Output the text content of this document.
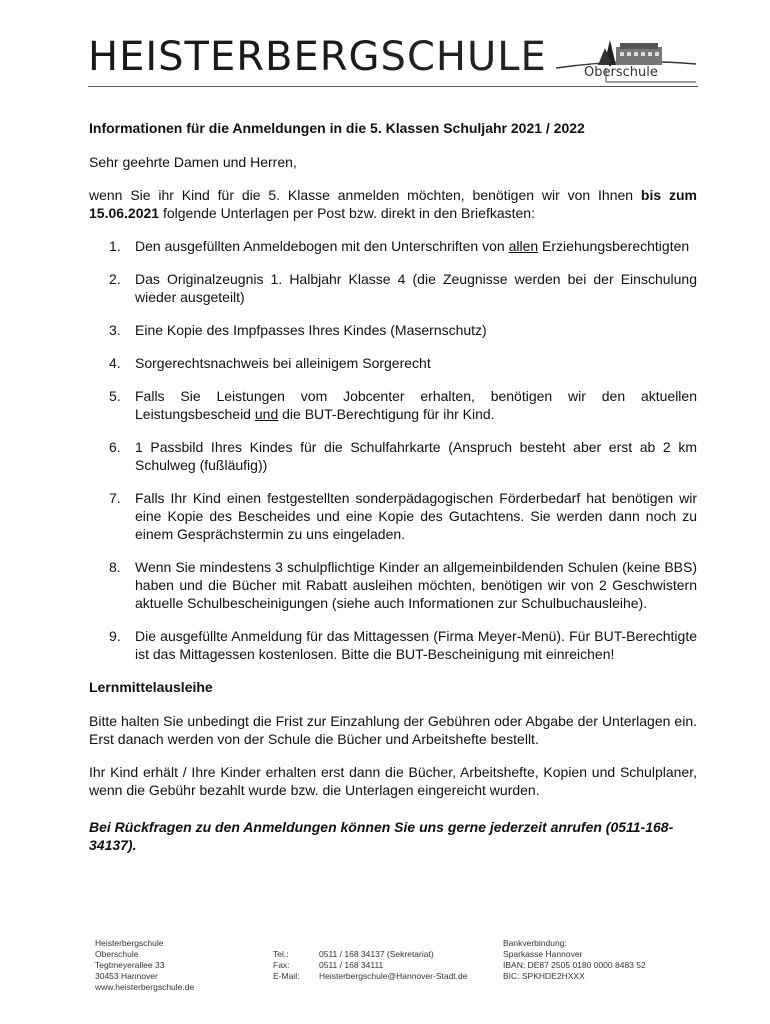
HEISTERBERGSCHULE	Oberschule
Informationen für die Anmeldungen in die 5. Klassen Schuljahr 2021 / 2022
Sehr geehrte Damen und Herren,
wenn Sie ihr Kind für die 5. Klasse anmelden möchten, benötigen wir von Ihnen bis zum 15.06.2021 folgende Unterlagen per Post bzw. direkt in den Briefkasten:
1. Den ausgefüllten Anmeldebogen mit den Unterschriften von allen Erziehungsberechtigten
2. Das Originalzeugnis 1. Halbjahr Klasse 4 (die Zeugnisse werden bei der Einschulung wieder ausgeteilt)
3. Eine Kopie des Impfpasses Ihres Kindes (Masernschutz)
4. Sorgerechtsnachweis bei alleinigem Sorgerecht
5. Falls Sie Leistungen vom Jobcenter erhalten, benötigen wir den aktuellen Leistungsbescheid und die BUT-Berechtigung für ihr Kind.
6. 1 Passbild Ihres Kindes für die Schulfahrkarte (Anspruch besteht aber erst ab 2 km Schulweg (fußläufig))
7. Falls Ihr Kind einen festgestellten sonderpädagogischen Förderbedarf hat benötigen wir eine Kopie des Bescheides und eine Kopie des Gutachtens. Sie werden dann noch zu einem Gesprächstermin zu uns eingeladen.
8. Wenn Sie mindestens 3 schulpflichtige Kinder an allgemeinbildenden Schulen (keine BBS) haben und die Bücher mit Rabatt ausleihen möchten, benötigen wir von 2 Geschwistern aktuelle Schulbescheinigungen (siehe auch Informationen zur Schulbuchausleihe).
9. Die ausgefüllte Anmeldung für das Mittagessen (Firma Meyer-Menü). Für BUT-Berechtigte ist das Mittagessen kostenlosen. Bitte die BUT-Bescheinigung mit einreichen!
Lernmittelausleihe
Bitte halten Sie unbedingt die Frist zur Einzahlung der Gebühren oder Abgabe der Unterlagen ein. Erst danach werden von der Schule die Bücher und Arbeitshefte bestellt.
Ihr Kind erhält / Ihre Kinder erhalten erst dann die Bücher, Arbeitshefte, Kopien und Schulplaner, wenn die Gebühr bezahlt wurde bzw. die Unterlagen eingereicht wurden.
Bei Rückfragen zu den Anmeldungen können Sie uns gerne jederzeit anrufen (0511-168-34137).
Heisterbergschule
Oberschule
Tegtmeyerallee 33
30453 Hannover
www.heisterbergschule.de
Tel.:
Fax:
E-Mail:
0511 / 168 34137 (Sekretariat)
0511 / 168 34111
Heisterbergschule@Hannover-Stadt.de
Bankverbindung:
Sparkasse Hannover
IBAN: DE87 2505 0180 0000 8483 52
BIC: SPKHDE2HXXX
